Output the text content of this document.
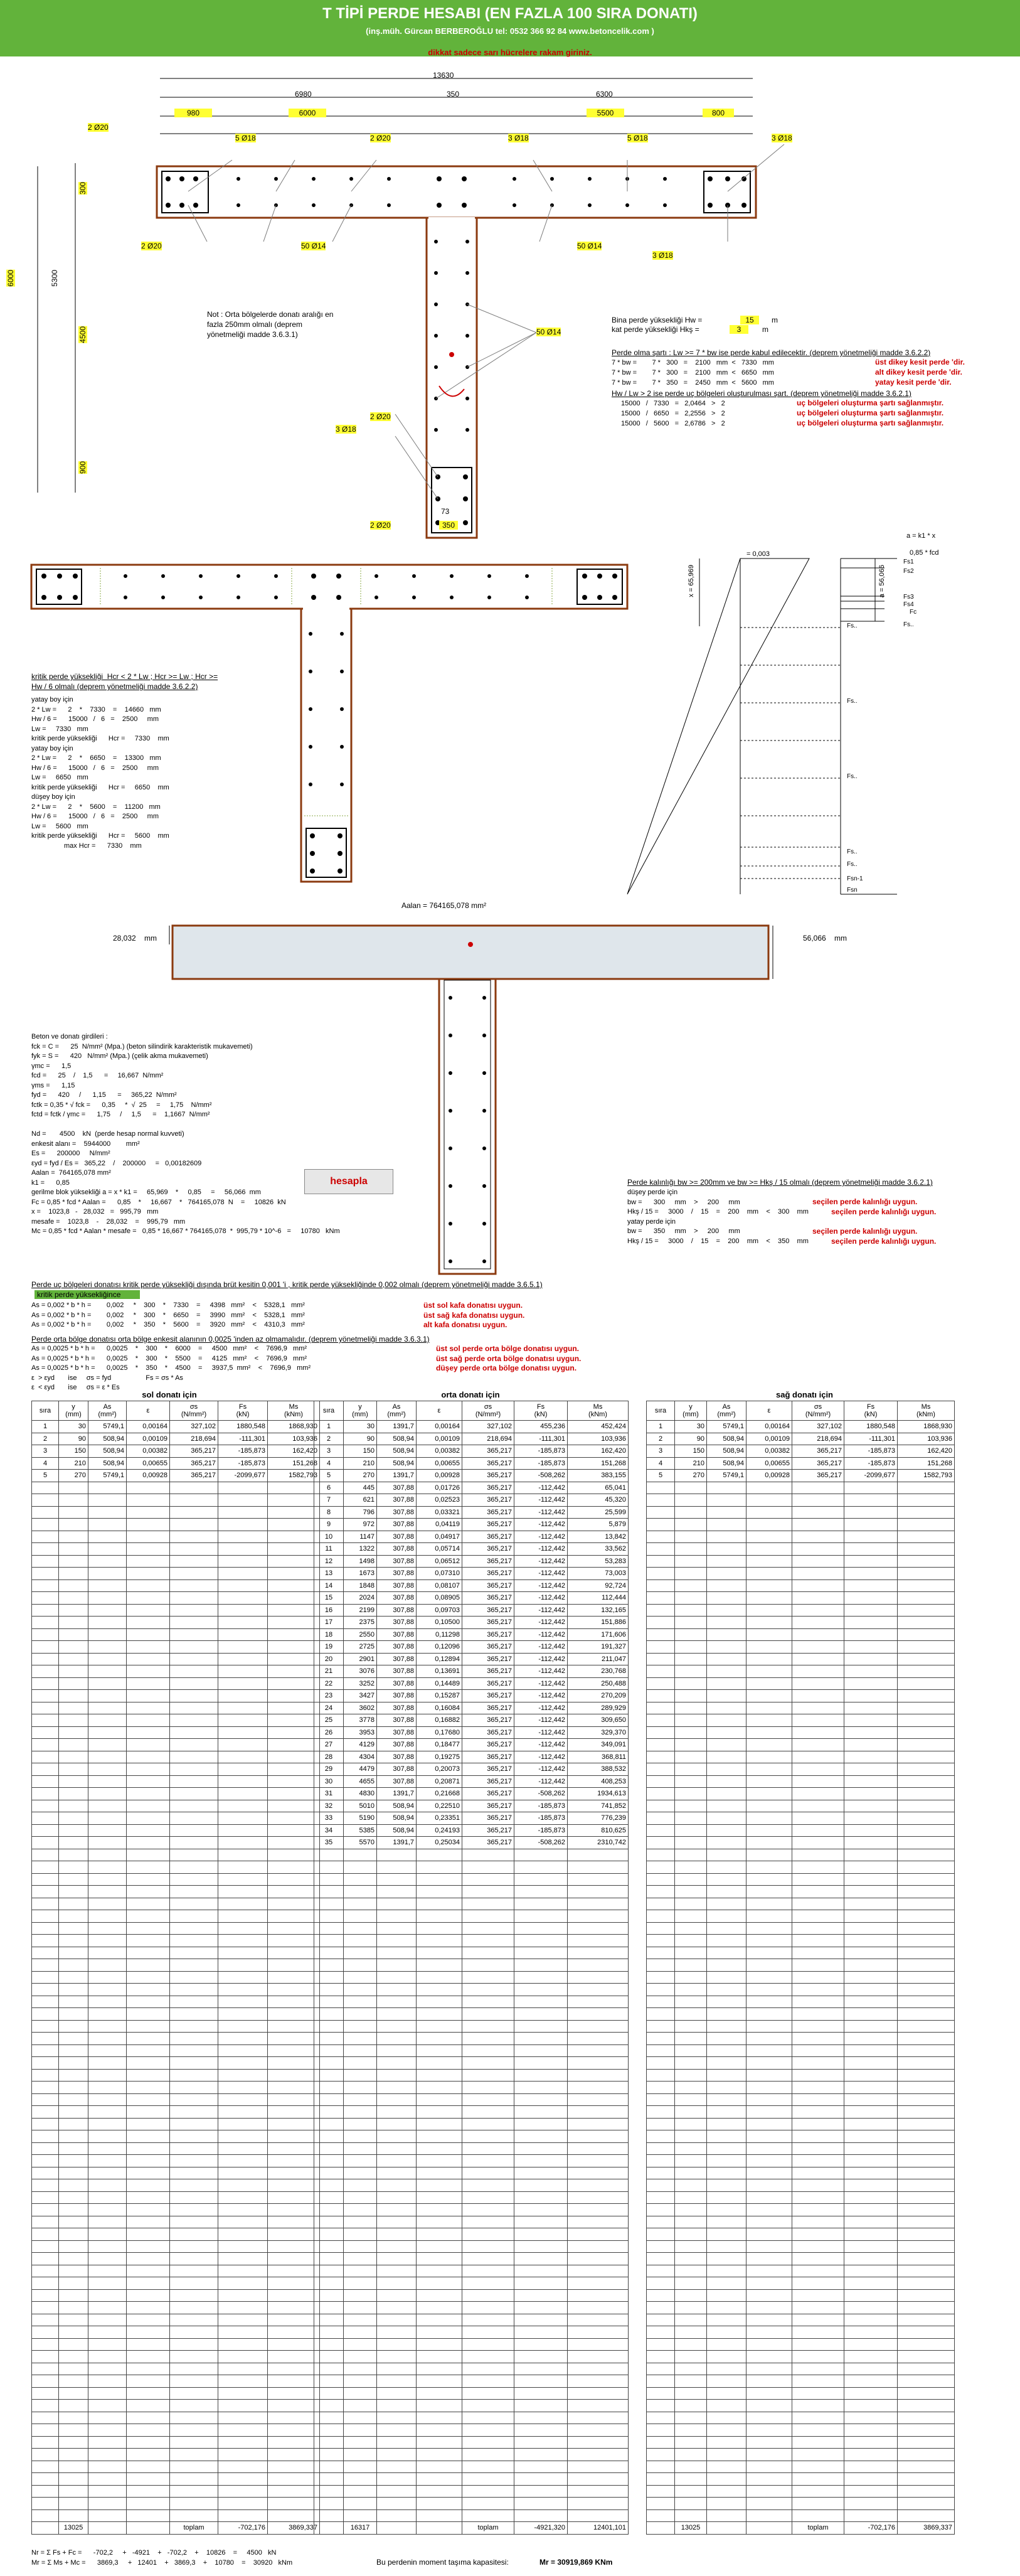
T TİPİ PERDE HESABI (EN FAZLA 100 SIRA DONATI)
(inş.müh. Gürcan BERBEROĞLU tel: 0532 366 92 84 www.betoncelik.com )
dikkat sadece sarı hücrelere rakam giriniz.
13630
6980	350	6300
980	6000	5500	800
6000	5300
4500
900
300
350
73
2 Ø20
5 Ø18	3 Ø18
2 Ø20	3 Ø18
5 Ø18
2 Ø20	50 Ø14	50 Ø14
50 Ø14
3 Ø18
2 Ø20
3 Ø18
2 Ø20
Not : Orta bölgelerde donatı aralığı en
fazla 250mm olmalı (deprem
yönetmeliği madde 3.6.3.1)
Bina perde yüksekliği Hw =	15	m
kat perde yüksekliği Hkş =	3	m
Perde olma şartı : Lw >= 7 * bw ise perde kabul edilecektir. (deprem yönetmeliği madde 3.6.2.2)
7 * bw =        7 *   300   =    2100   mm  <   7330   mm	üst dikey kesit perde 'dir.
7 * bw =        7 *   300   =    2100   mm  <   6650   mm	alt dikey kesit perde 'dir.
7 * bw =        7 *   350   =    2450   mm  <   5600   mm	yatay kesit perde 'dir.
Hw / Lw > 2 ise perde uç bölgeleri oluşturulması şart. (deprem yönetmeliği madde 3.6.2.1)
15000   /   7330   =   2,0464   >   2	uç bölgeleri oluşturma şartı sağlanmıştır.
15000   /   6650   =   2,2556   >   2	uç bölgeleri oluşturma şartı sağlanmıştır.
15000   /   5600   =   2,6786   >   2	uç bölgeleri oluşturma şartı sağlanmıştır.
= 0,003
a = k1 * x
0,85 * fcd
x = 65,969	a = 56,066
Fs1
Fs2
Fs3
Fs4
Fc
Fs..
Fs..
Fs..
Fs..
Fs..
Fs..
Fsn-1
Fsn
kritik perde yüksekliği  Hcr < 2 * Lw ; Hcr >= Lw ; Hcr >=
Hw / 6 olmalı (deprem yönetmeliği madde 3.6.2.2)
yatay boy için
2 * Lw =      2    *    7330    =    14660   mm
Hw / 6 =      15000   /   6   =    2500     mm
Lw =     7330   mm
kritik perde yüksekliği      Hcr =     7330    mm
yatay boy için
2 * Lw =      2    *    6650    =    13300   mm
Hw / 6 =      15000   /   6   =    2500     mm
Lw =     6650   mm
kritik perde yüksekliği      Hcr =     6650    mm
düşey boy için
2 * Lw =      2    *    5600    =    11200   mm
Hw / 6 =      15000   /   6   =    2500     mm
Lw =     5600   mm
kritik perde yüksekliği      Hcr =     5600    mm
max Hcr =      7330    mm
Aalan = 764165,078 mm²
28,032 mm	56,066 mm
Beton ve donatı girdileri :
fck = C =      25  N/mm² (Mpa.) (beton silindirik karakteristik mukavemeti)
fyk = S =      420   N/mm² (Mpa.) (çelik akma mukavemeti)
γmc =      1,5
fcd =      25    /    1,5      =     16,667  N/mm²
γms =      1,15
fyd =      420     /      1,15      =     365,22  N/mm²
fctk = 0,35 * √ fck =      0,35     *  √  25     =     1,75    N/mm²
fctd = fctk / γmc =      1,75     /     1,5      =    1,1667  N/mm²

Nd =       4500    kN  (perde hesap normal kuvveti)
enkesit alanı =    5944000        mm²
Es =      200000     N/mm²
εyd = fyd / Es =   365,22    /    200000     =   0,00182609
Aalan =  764165,078 mm²
k1 =      0,85
gerilme blok yüksekliği a = x * k1 =     65,969    *     0,85     =     56,066  mm
Fc = 0,85 * fcd * Aalan =      0,85    *     16,667    *   764165,078  N    =     10826  kN
x =    1023,8   -   28,032   =   995,79   mm
mesafe =    1023,8    -    28,032    =    995,79   mm
Mc = 0,85 * fcd * Aalan * mesafe =   0,85 * 16,667 * 764165,078  *  995,79 * 10^-6   =     10780   kNm
hesapla	Perde kalınlığı bw >= 200mm ve bw >= Hkş / 15 olmalı (deprem yönetmeliği madde 3.6.2.1)
düşey perde için
bw =      300     mm    >     200     mm
Hkş / 15 =     3000    /    15    =    200    mm    <    300    mm
yatay perde için
bw =      350     mm    >     200     mm
Hkş / 15 =     3000    /    15    =    200    mm    <    350    mm
seçilen perde kalınlığı uygun.
seçilen perde kalınlığı uygun.
seçilen perde kalınlığı uygun.
seçilen perde kalınlığı uygun.
Perde uç bölgeleri donatısı kritik perde yüksekliği dışında brüt kesitin 0,001 'i , kritik perde yüksekliğinde 0,002 olmalı (deprem yönetmeliği madde 3.6.5.1)
kritik perde yüksekliğince
As = 0,002 * b * h =        0,002     *    300    *    7330    =     4398   mm²    <    5328,1   mm²
As = 0,002 * b * h =        0,002     *    300    *    6650    =     3990   mm²    <    5328,1   mm²
As = 0,002 * b * h =        0,002     *    350    *    5600    =     3920   mm²    <    4310,3   mm²
üst sol kafa donatısı uygun.
üst sağ kafa donatısı uygun.
alt kafa donatısı uygun.
Perde orta bölge donatısı orta bölge enkesit alanının 0,0025 'inden az olmamalıdır. (deprem yönetmeliği madde 3.6.3.1)
As = 0,0025 * b * h =      0,0025    *    300    *    6000    =     4500   mm²    <    7696,9   mm²
As = 0,0025 * b * h =      0,0025    *    300    *    5500    =     4125   mm²    <    7696,9   mm²
As = 0,0025 * b * h =      0,0025    *    350    *    4500    =     3937,5  mm²    <    7696,9   mm²
ε  > εyd       ise     σs = fyd                  Fs = σs * As
ε  < εyd       ise     σs = ε * Es
üst sol perde orta bölge donatısı uygun.
üst sağ perde orta bölge donatısı uygun.
düşey perde orta bölge donatısı uygun.
sol donatı için	orta donatı için	sağ donatı için
sıra	y
(mm)	As
(mm²)	ε	σs
(N/mm²)	Fs
(kN)	Ms
(kNm)
1	30	5749,1	0,00164	327,102	1880,548	1868,930
2	90	508,94	0,00109	218,694	-111,301	103,936
3	150	508,94	0,00382	365,217	-185,873	162,420
4	210	508,94	0,00655	365,217	-185,873	151,268
5	270	5749,1	0,00928	365,217	-2099,677	1582,793

	13025			toplam	-702,176	3869,337
sıra	y
(mm)	As
(mm²)	ε	σs
(N/mm²)	Fs
(kN)	Ms
(kNm)
1	30	1391,7	0,00164	327,102	455,236	452,424
2	90	508,94	0,00109	218,694	-111,301	103,936
3	150	508,94	0,00382	365,217	-185,873	162,420
4	210	508,94	0,00655	365,217	-185,873	151,268
5	270	1391,7	0,00928	365,217	-508,262	383,155
6	445	307,88	0,01726	365,217	-112,442	65,041
7	621	307,88	0,02523	365,217	-112,442	45,320
8	796	307,88	0,03321	365,217	-112,442	25,599
9	972	307,88	0,04119	365,217	-112,442	5,879
10	1147	307,88	0,04917	365,217	-112,442	13,842
11	1322	307,88	0,05714	365,217	-112,442	33,562
12	1498	307,88	0,06512	365,217	-112,442	53,283
13	1673	307,88	0,07310	365,217	-112,442	73,003
14	1848	307,88	0,08107	365,217	-112,442	92,724
15	2024	307,88	0,08905	365,217	-112,442	112,444
16	2199	307,88	0,09703	365,217	-112,442	132,165
17	2375	307,88	0,10500	365,217	-112,442	151,886
18	2550	307,88	0,11298	365,217	-112,442	171,606
19	2725	307,88	0,12096	365,217	-112,442	191,327
20	2901	307,88	0,12894	365,217	-112,442	211,047
21	3076	307,88	0,13691	365,217	-112,442	230,768
22	3252	307,88	0,14489	365,217	-112,442	250,488
23	3427	307,88	0,15287	365,217	-112,442	270,209
24	3602	307,88	0,16084	365,217	-112,442	289,929
25	3778	307,88	0,16882	365,217	-112,442	309,650
26	3953	307,88	0,17680	365,217	-112,442	329,370
27	4129	307,88	0,18477	365,217	-112,442	349,091
28	4304	307,88	0,19275	365,217	-112,442	368,811
29	4479	307,88	0,20073	365,217	-112,442	388,532
30	4655	307,88	0,20871	365,217	-112,442	408,253
31	4830	1391,7	0,21668	365,217	-508,262	1934,613
32	5010	508,94	0,22510	365,217	-185,873	741,852
33	5190	508,94	0,23351	365,217	-185,873	776,239
34	5385	508,94	0,24193	365,217	-185,873	810,625
35	5570	1391,7	0,25034	365,217	-508,262	2310,742

	16317			toplam	-4921,320	12401,101
sıra	y
(mm)	As
(mm²)	ε	σs
(N/mm²)	Fs
(kN)	Ms
(kNm)
1	30	5749,1	0,00164	327,102	1880,548	1868,930
2	90	508,94	0,00109	218,694	-111,301	103,936
3	150	508,94	0,00382	365,217	-185,873	162,420
4	210	508,94	0,00655	365,217	-185,873	151,268
5	270	5749,1	0,00928	365,217	-2099,677	1582,793

	13025			toplam	-702,176	3869,337
Nr = Σ Fs + Fc =      -702,2     +   -4921    +   -702,2    +    10826    =     4500   kN
Mr = Σ Ms + Mc =      3869,3     +   12401    +   3869,3    +    10780    =    30920   kNm	Bu perdenin moment taşıma kapasitesi:	Mr = 30919,869 KNm
